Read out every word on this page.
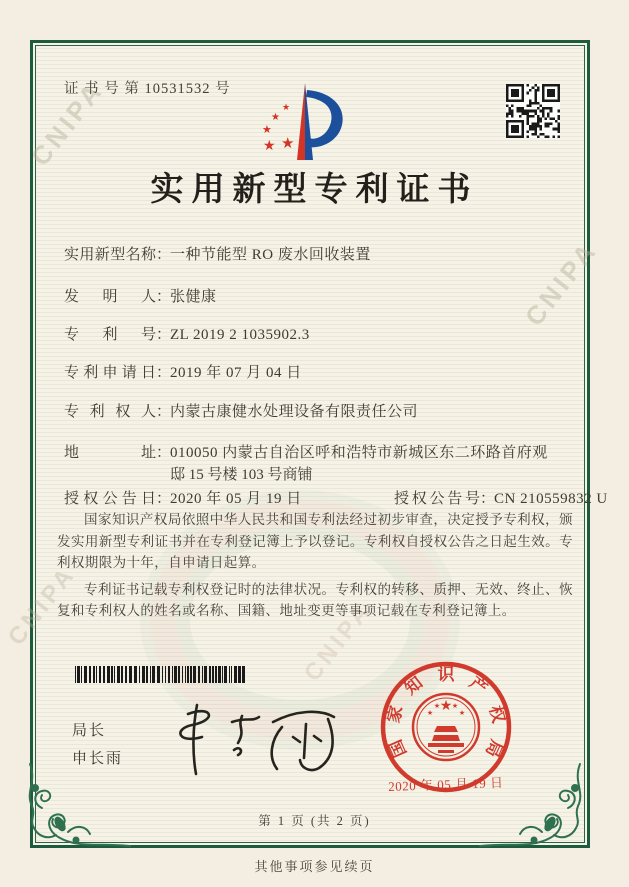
CNIPA
CNIPA
CNIPA	CNIPA
证 书 号 第 10531532 号
★
★
★
★ ★
实用新型专利证书
实用新型名称：一种节能型 RO 废水回收装置
发 明 人：张健康
专 利 号：ZL 2019 2 1035902.3
专利申请日：2019 年 07 月 04 日
专 利 权 人：内蒙古康健水处理设备有限责任公司
地 址：010050 内蒙古自治区呼和浩特市新城区东二环路首府观
邸 15 号楼 103 号商铺
授权公告日：2020 年 05 月 19 日	授权公告号：CN 210559832 U

国家知识产权局依照中华人民共和国专利法经过初步审查，决定授予专利权，颁发实用新型专利证书并在专利登记簿上予以登记。专利权自授权公告之日起生效。专利权期限为十年，自申请日起算。

专利证书记载专利权登记时的法律状况。专利权的转移、质押、无效、终止、恢复和专利权人的姓名或名称、国籍、地址变更等事项记载在专利登记簿上。

局长
申长雨	国
家
知 识 产
权
局
★
★
★ ★
★
2020 年 05 月 19 日
第 1 页 (共 2 页)
其他事项参见续页
